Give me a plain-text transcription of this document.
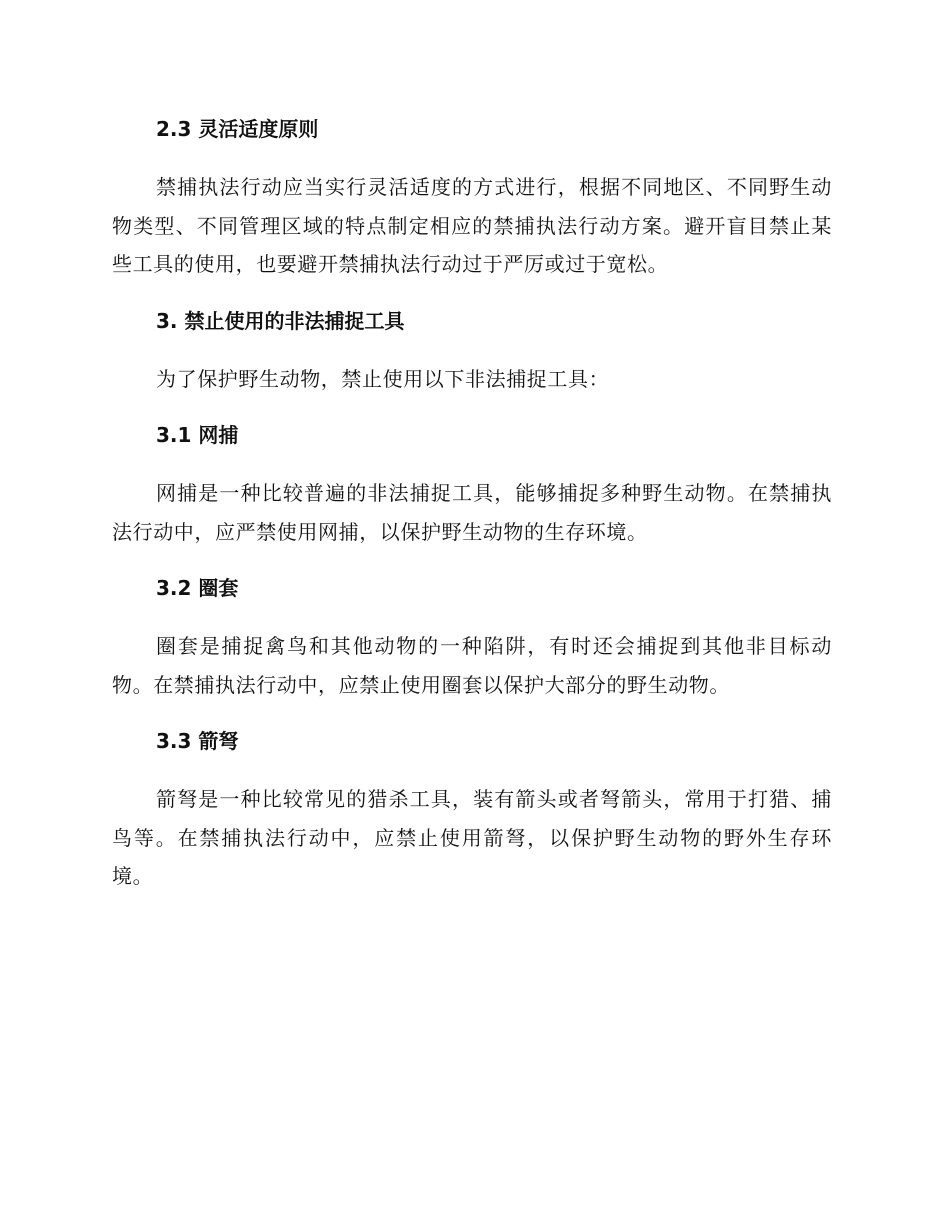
2.3 灵活适度原则

禁捕执法行动应当实行灵活适度的方式进行，根据不同地区、不同野生动物类型、不同管理区域的特点制定相应的禁捕执法行动方案。避开盲目禁止某些工具的使用，也要避开禁捕执法行动过于严厉或过于宽松。

3. 禁止使用的非法捕捉工具

为了保护野生动物，禁止使用以下非法捕捉工具：

3.1 网捕

网捕是一种比较普遍的非法捕捉工具，能够捕捉多种野生动物。在禁捕执法行动中，应严禁使用网捕，以保护野生动物的生存环境。

3.2 圈套

圈套是捕捉禽鸟和其他动物的一种陷阱，有时还会捕捉到其他非目标动物。在禁捕执法行动中，应禁止使用圈套以保护大部分的野生动物。

3.3 箭弩

箭弩是一种比较常见的猎杀工具，装有箭头或者弩箭头，常用于打猎、捕鸟等。在禁捕执法行动中，应禁止使用箭弩，以保护野生动物的野外生存环境。
